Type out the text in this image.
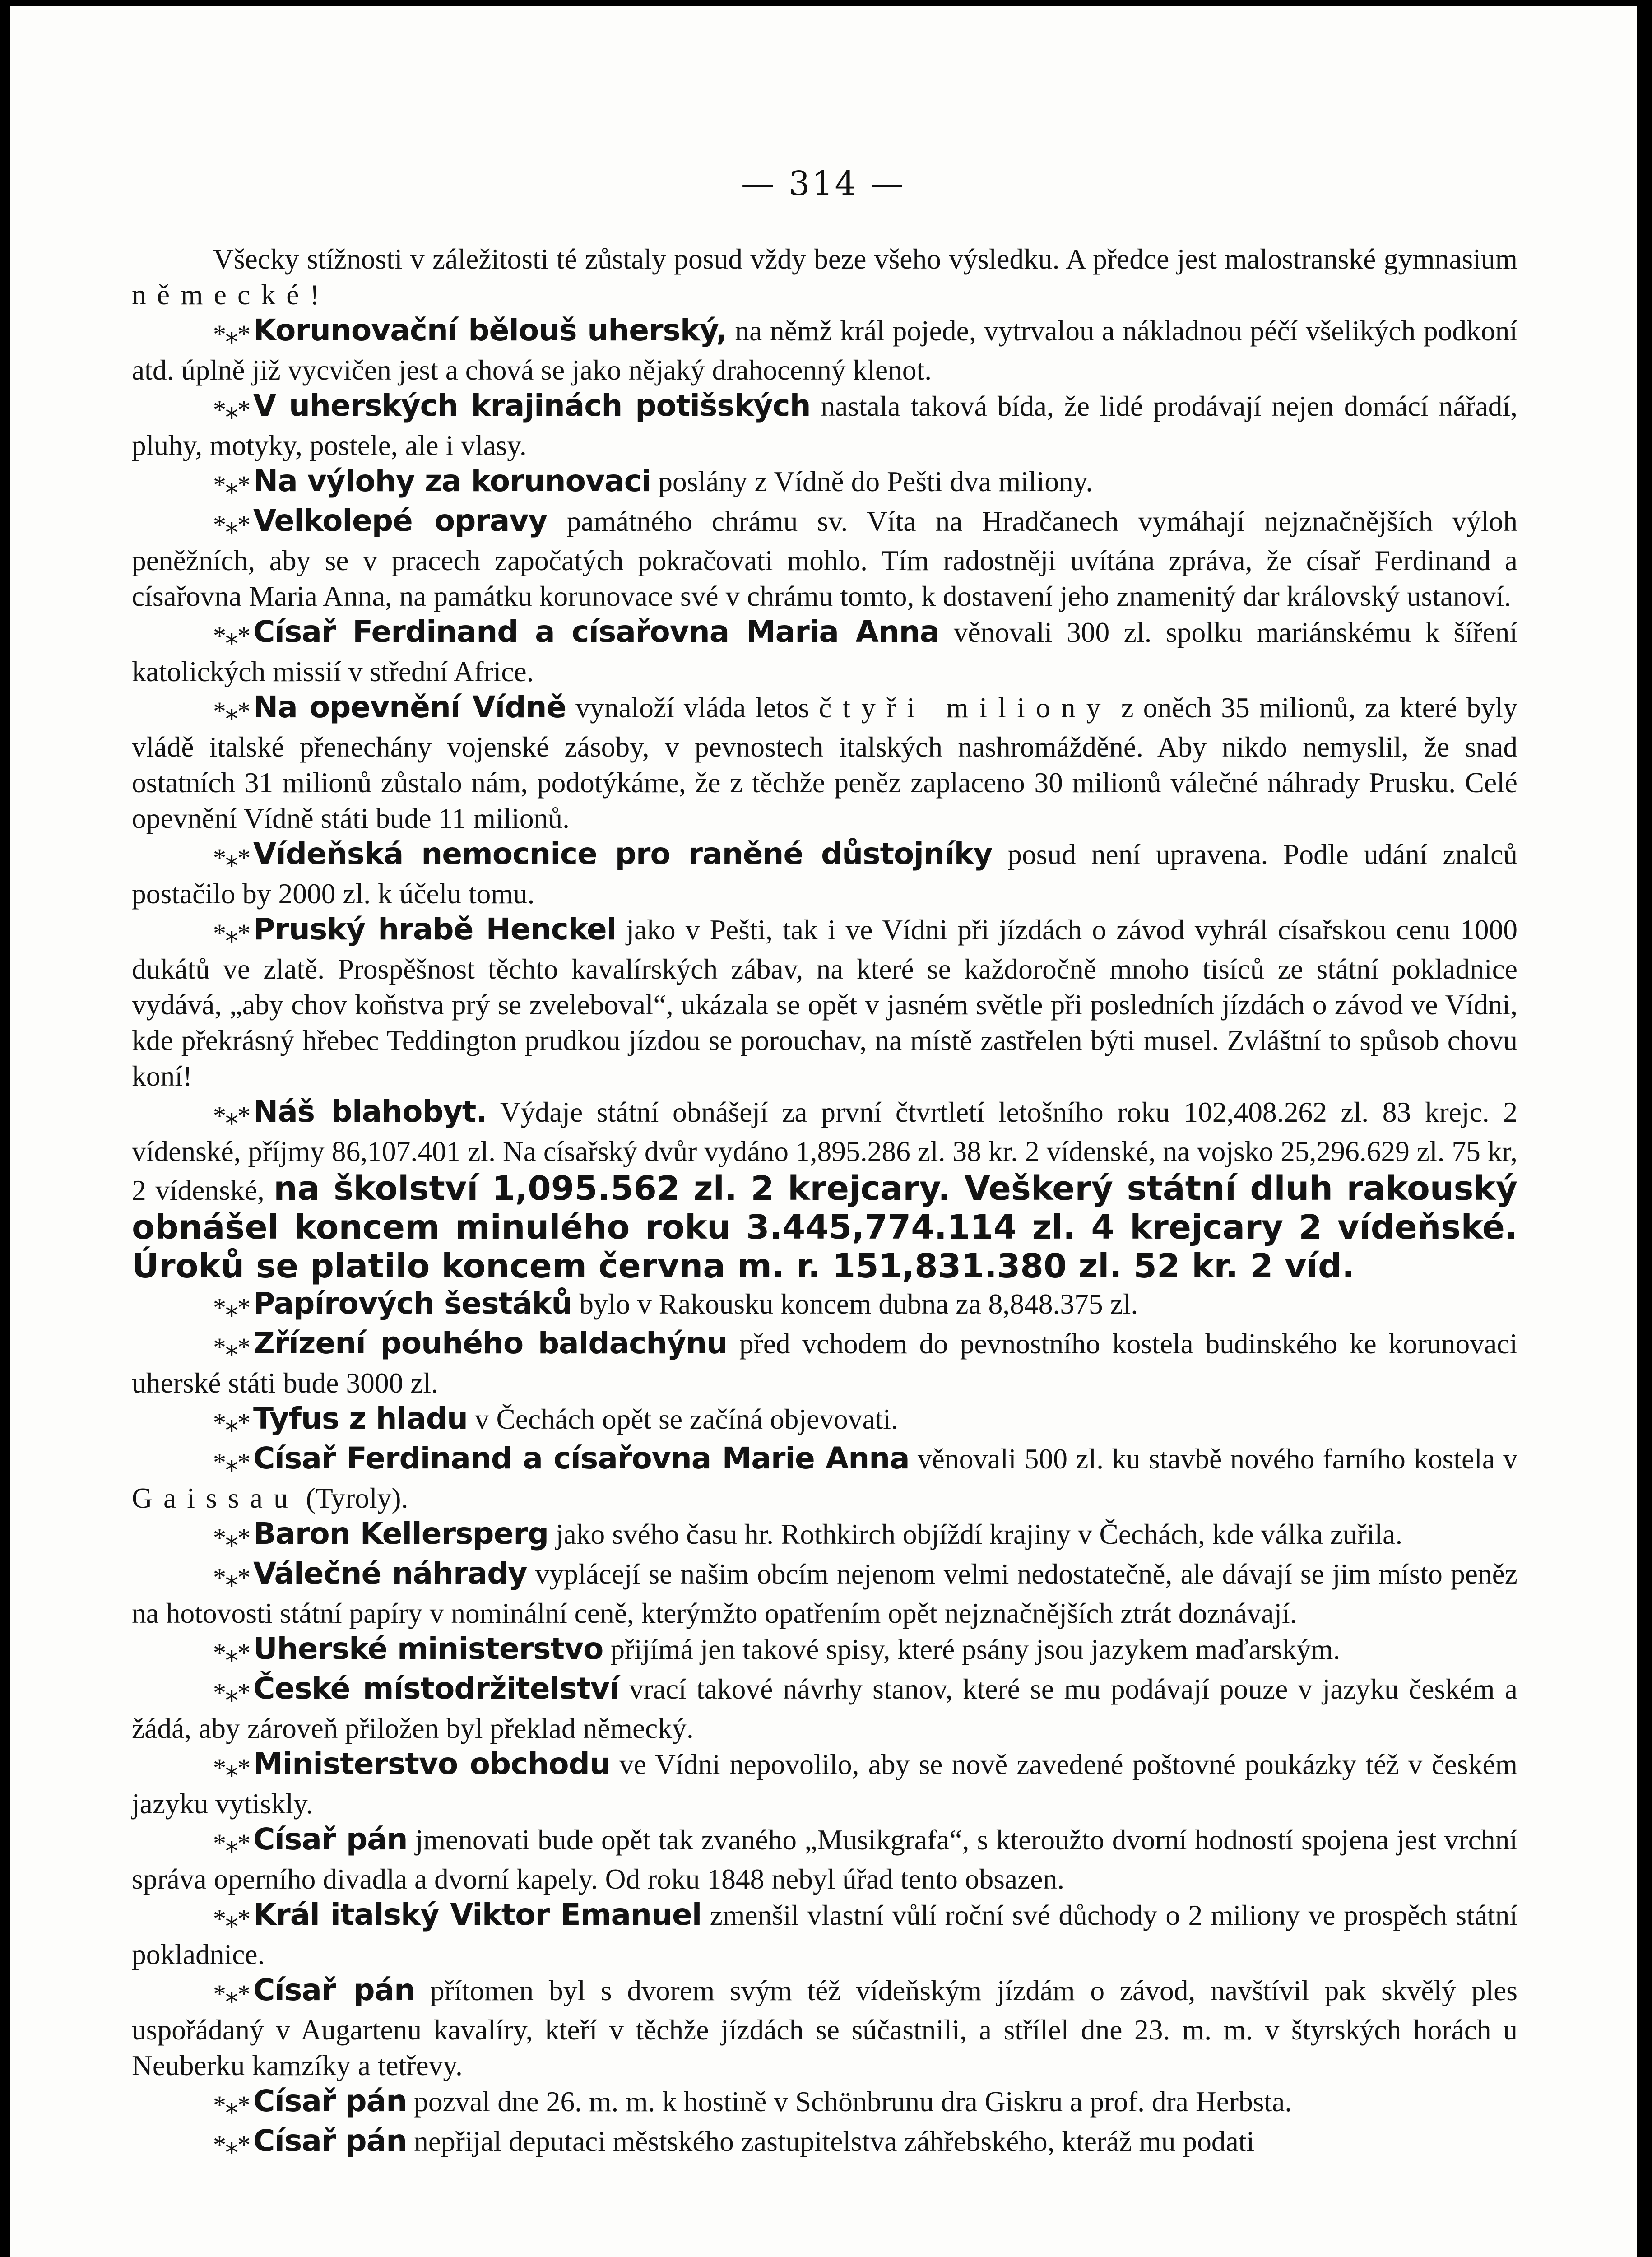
— 314 —

Všecky stížnosti v záležitosti té zůstaly posud vždy beze všeho výsledku. A předce jest malostranské gymnasium německé!

*⁎* Korunovační bělouš uherský, na němž král pojede, vytrvalou a nákladnou péčí všelikých podkoní atd. úplně již vycvičen jest a chová se jako nějaký drahocenný klenot.

*⁎* V uherských krajinách potišských nastala taková bída, že lidé prodávají nejen domácí nářadí, pluhy, motyky, postele, ale i vlasy.

*⁎* Na výlohy za korunovaci poslány z Vídně do Pešti dva miliony.

*⁎* Velkolepé opravy památného chrámu sv. Víta na Hradčanech vymáhají nejznačnějších výloh peněžních, aby se v pracech započatých pokračovati mohlo. Tím radostněji uvítána zpráva, že císař Ferdinand a císařovna Maria Anna, na památku korunovace své v chrámu tomto, k dostavení jeho znamenitý dar královský ustanoví.

*⁎* Císař Ferdinand a císařovna Maria Anna věnovali 300 zl. spolku mariánskému k šíření katolických missií v střední Africe.

*⁎* Na opevnění Vídně vynaloží vláda letos čtyři miliony z oněch 35 milionů, za které byly vládě italské přenechány vojenské zásoby, v pevnostech italských nashromážděné. Aby nikdo nemyslil, že snad ostatních 31 milionů zůstalo nám, podotýkáme, že z těchže peněz zaplaceno 30 milionů válečné náhrady Prusku. Celé opevnění Vídně státi bude 11 milionů.

*⁎* Vídeňská nemocnice pro raněné důstojníky posud není upravena. Podle udání znalců postačilo by 2000 zl. k účelu tomu.

*⁎* Pruský hrabě Henckel jako v Pešti, tak i ve Vídni při jízdách o závod vyhrál císařskou cenu 1000 dukátů ve zlatě. Prospěšnost těchto kavalírských zábav, na které se každoročně mnoho tisíců ze státní pokladnice vydává, „aby chov koňstva prý se zveleboval“, ukázala se opět v jasném světle při posledních jízdách o závod ve Vídni, kde překrásný hřebec Teddington prudkou jízdou se porouchav, na místě zastřelen býti musel. Zvláštní to spůsob chovu koní!

*⁎* Náš blahobyt. Výdaje státní obnášejí za první čtvrtletí letošního roku 102,408.262 zl. 83 krejc. 2 vídenské, příjmy 86,107.401 zl. Na císařský dvůr vydáno 1,895.286 zl. 38 kr. 2 vídenské, na vojsko 25,296.629 zl. 75 kr, 2 vídenské, na školství 1,095.562 zl. 2 krejcary. Veškerý státní dluh rakouský obnášel koncem minulého roku 3.445,774.114 zl. 4 krejcary 2 vídeňské. Úroků se platilo koncem června m. r. 151,831.380 zl. 52 kr. 2 víd.

*⁎* Papírových šestáků bylo v Rakousku koncem dubna za 8,848.375 zl.

*⁎* Zřízení pouhého baldachýnu před vchodem do pevnostního kostela budinského ke korunovaci uherské státi bude 3000 zl.

*⁎* Tyfus z hladu v Čechách opět se začíná objevovati.

*⁎* Císař Ferdinand a císařovna Marie Anna věnovali 500 zl. ku stavbě nového farního kostela v Gaissau (Tyroly).

*⁎* Baron Kellersperg jako svého času hr. Rothkirch objíždí krajiny v Čechách, kde válka zuřila.

*⁎* Válečné náhrady vyplácejí se našim obcím nejenom velmi nedostatečně, ale dávají se jim místo peněz na hotovosti státní papíry v nominální ceně, kterýmžto opatřením opět nejznačnějších ztrát doznávají.

*⁎* Uherské ministerstvo přijímá jen takové spisy, které psány jsou jazykem maďarským.

*⁎* České místodržitelství vrací takové návrhy stanov, které se mu podávají pouze v jazyku českém a žádá, aby zároveň přiložen byl překlad německý.

*⁎* Ministerstvo obchodu ve Vídni nepovolilo, aby se nově zavedené poštovné poukázky též v českém jazyku vytiskly.

*⁎* Císař pán jmenovati bude opět tak zvaného „Musikgrafa“, s kteroužto dvorní hodností spojena jest vrchní správa operního divadla a dvorní kapely. Od roku 1848 nebyl úřad tento obsazen.

*⁎* Král italský Viktor Emanuel zmenšil vlastní vůlí roční své důchody o 2 miliony ve prospěch státní pokladnice.

*⁎* Císař pán přítomen byl s dvorem svým též vídeňským jízdám o závod, navštívil pak skvělý ples uspořádaný v Augartenu kavalíry, kteří v těchže jízdách se súčastnili, a střílel dne 23. m. m. v štyrských horách u Neuberku kamzíky a tetřevy.

*⁎* Císař pán pozval dne 26. m. m. k hostině v Schönbrunu dra Giskru a prof. dra Herbsta.

*⁎* Císař pán nepřijal deputaci městského zastupitelstva záhřebského, kteráž mu podati
